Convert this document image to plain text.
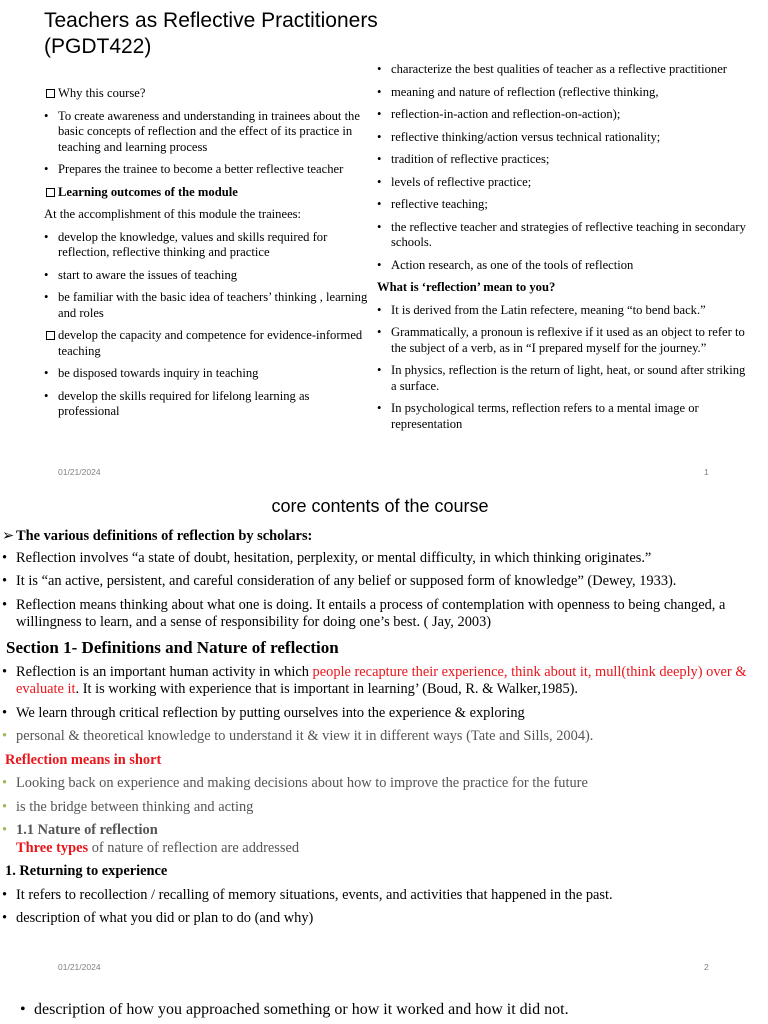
Teachers as Reflective Practitioners
(PGDT422)
Why this course?
• To create awareness and understanding in trainees about the basic concepts of reflection and the effect of its practice in teaching and learning process
• Prepares the trainee to become a better reflective teacher
Learning outcomes of the module
At the accomplishment of this module the trainees:
• develop the knowledge, values and skills required for reflection, reflective thinking and practice
• start to aware the issues of teaching
• be familiar with the basic idea of teachers’ thinking , learning and roles
develop the capacity and competence for evidence-informed teaching
• be disposed towards inquiry in teaching
• develop the skills required for lifelong learning as professional
• characterize the best qualities of teacher as a reflective practitioner
• meaning and nature of reflection (reflective thinking,
• reflection-in-action and reflection-on-action);
• reflective thinking/action versus technical rationality;
• tradition of reflective practices;
• levels of reflective practice;
• reflective teaching;
• the reflective teacher and strategies of reflective teaching in secondary schools.
• Action research, as one of the tools of reflection
What is ‘reflection’ mean to you?
• It is derived from the Latin refectere, meaning “to bend back.”
• Grammatically, a pronoun is reflexive if it used as an object to refer to the subject of a verb, as in “I prepared myself for the journey.”
• In physics, reflection is the return of light, heat, or sound after striking a surface.
• In psychological terms, reflection refers to a mental image or representation
01/21/2024	1
core contents of the course
➢ The various definitions of reflection by scholars:
• Reflection involves “a state of doubt, hesitation, perplexity, or mental difficulty, in which thinking originates.”
• It is “an active, persistent, and careful consideration of any belief or supposed form of knowledge” (Dewey, 1933).
• Reflection means thinking about what one is doing. It entails a process of contemplation with openness to being changed, a willingness to learn, and a sense of responsibility for doing one’s best. ( Jay, 2003)
Section 1- Definitions and Nature of reflection
• Reflection is an important human activity in which people recapture their experience, think about it, mull(think deeply) over & evaluate it. It is working with experience that is important in learning’ (Boud, R. & Walker,1985).
• We learn through critical reflection by putting ourselves into the experience & exploring
• personal & theoretical knowledge to understand it & view it in different ways (Tate and Sills, 2004).
Reflection means in short
• Looking back on experience and making decisions about how to improve the practice for the future
• is the bridge between thinking and acting
• 1.1 Nature of reflection
Three types of nature of reflection are addressed
1. Returning to experience
• It refers to recollection / recalling of memory situations, events, and activities that happened in the past.
• description of what you did or plan to do (and why)
01/21/2024	2
• description of how you approached something or how it worked and how it did not.
